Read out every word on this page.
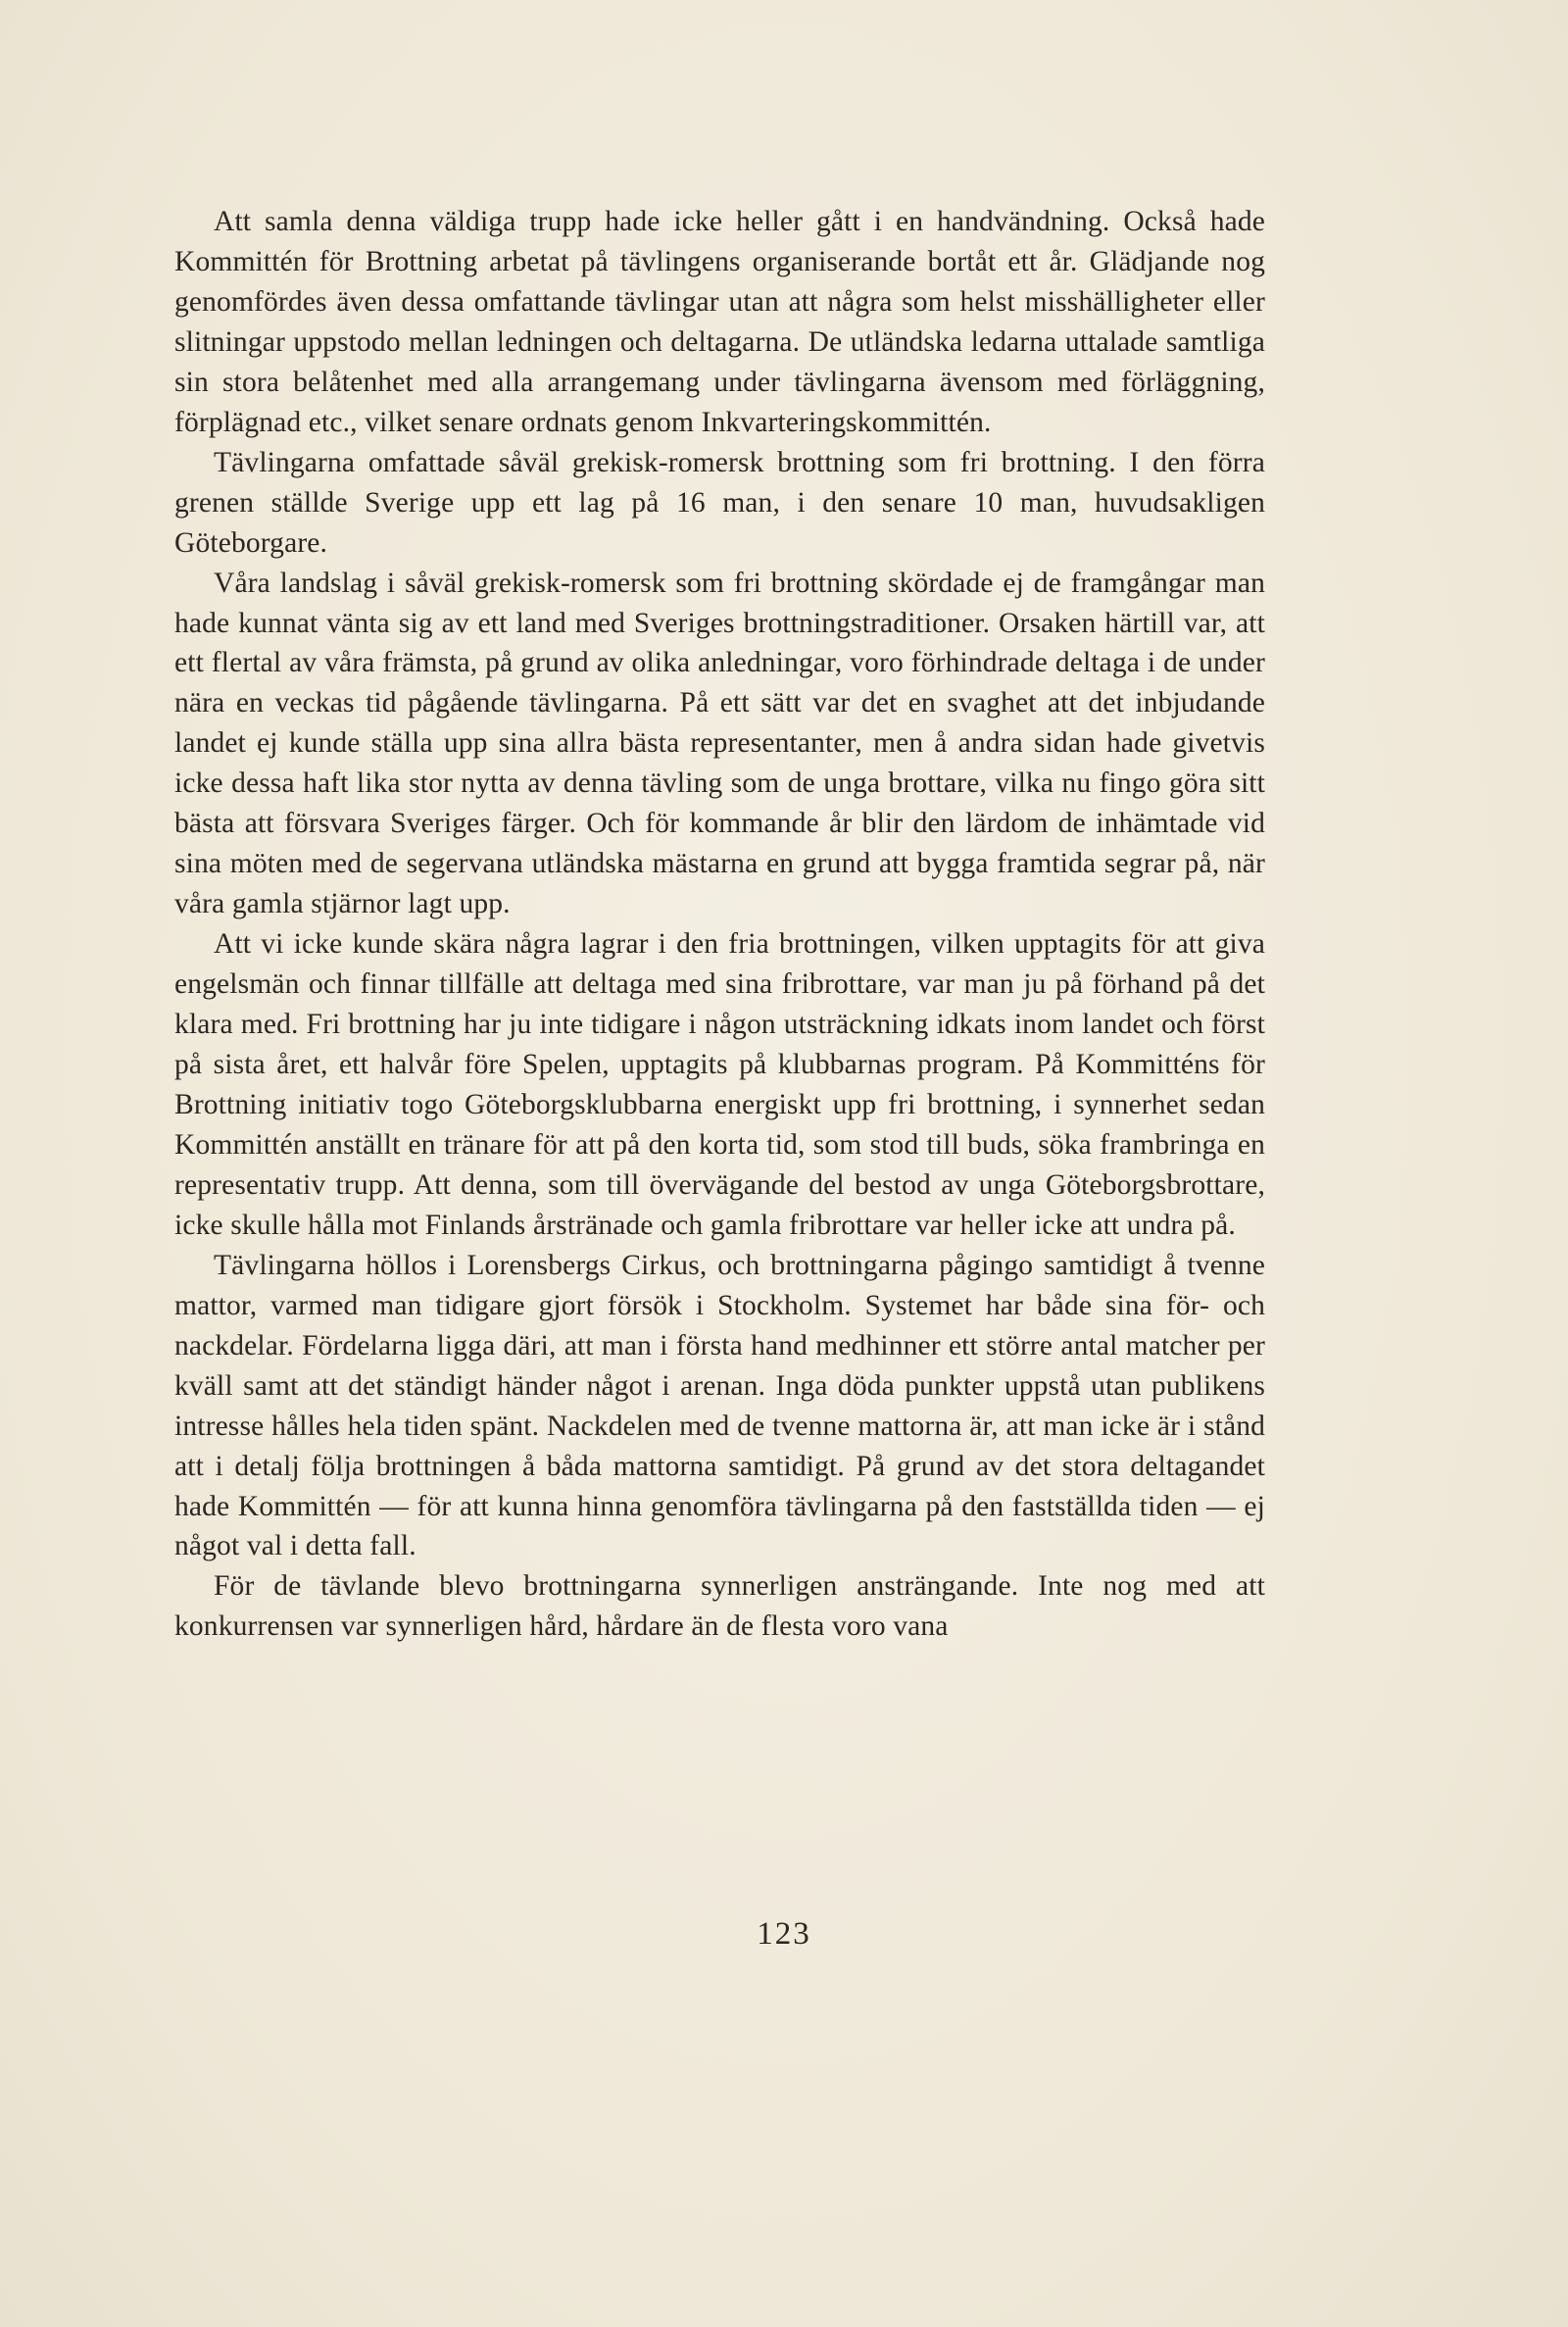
Att samla denna väldiga trupp hade icke heller gått i en handvändning. Också hade Kommittén för Brottning arbetat på tävlingens organiserande bortåt ett år. Glädjande nog genomfördes även dessa omfattande tävlingar utan att några som helst misshälligheter eller slitningar uppstodo mellan ledningen och deltagarna. De utländska ledarna uttalade samtliga sin stora belåtenhet med alla arrangemang under tävlingarna ävensom med förläggning, förplägnad etc., vilket senare ordnats genom Inkvarteringskommittén.

Tävlingarna omfattade såväl grekisk-romersk brottning som fri brottning. I den förra grenen ställde Sverige upp ett lag på 16 man, i den senare 10 man, huvudsakligen Göteborgare.

Våra landslag i såväl grekisk-romersk som fri brottning skördade ej de framgångar man hade kunnat vänta sig av ett land med Sveriges brottningstraditioner. Orsaken härtill var, att ett flertal av våra främsta, på grund av olika anledningar, voro förhindrade deltaga i de under nära en veckas tid pågående tävlingarna. På ett sätt var det en svaghet att det inbjudande landet ej kunde ställa upp sina allra bästa representanter, men å andra sidan hade givetvis icke dessa haft lika stor nytta av denna tävling som de unga brottare, vilka nu fingo göra sitt bästa att försvara Sveriges färger. Och för kommande år blir den lärdom de inhämtade vid sina möten med de segervana utländska mästarna en grund att bygga framtida segrar på, när våra gamla stjärnor lagt upp.

Att vi icke kunde skära några lagrar i den fria brottningen, vilken upptagits för att giva engelsmän och finnar tillfälle att deltaga med sina fribrottare, var man ju på förhand på det klara med. Fri brottning har ju inte tidigare i någon utsträckning idkats inom landet och först på sista året, ett halvår före Spelen, upptagits på klubbarnas program. På Kommitténs för Brottning initiativ togo Göteborgsklubbarna energiskt upp fri brottning, i synnerhet sedan Kommittén anställt en tränare för att på den korta tid, som stod till buds, söka frambringa en representativ trupp. Att denna, som till övervägande del bestod av unga Göteborgsbrottare, icke skulle hålla mot Finlands årstränade och gamla fribrottare var heller icke att undra på.

Tävlingarna höllos i Lorensbergs Cirkus, och brottningarna pågingo samtidigt å tvenne mattor, varmed man tidigare gjort försök i Stockholm. Systemet har både sina för- och nackdelar. Fördelarna ligga däri, att man i första hand medhinner ett större antal matcher per kväll samt att det ständigt händer något i arenan. Inga döda punkter uppstå utan publikens intresse hålles hela tiden spänt. Nackdelen med de tvenne mattorna är, att man icke är i stånd att i detalj följa brottningen å båda mattorna samtidigt. På grund av det stora deltagandet hade Kommittén — för att kunna hinna genomföra tävlingarna på den fastställda tiden — ej något val i detta fall.

För de tävlande blevo brottningarna synnerligen ansträngande. Inte nog med att konkurrensen var synnerligen hård, hårdare än de flesta voro vana

123
